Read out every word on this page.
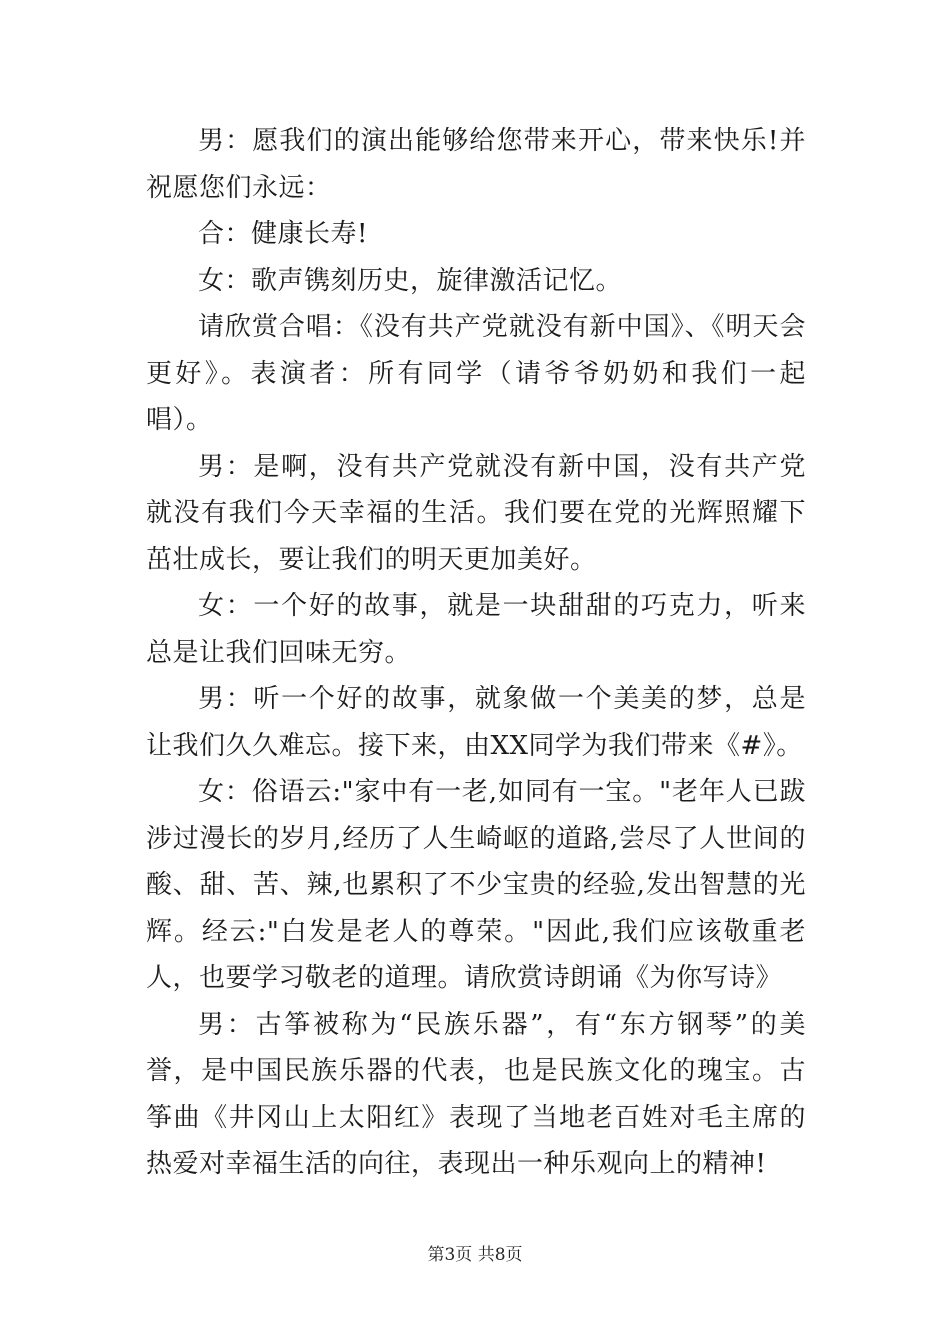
男：愿我们的演出能够给您带来开心，带来快乐!并祝愿您们永远：

合：健康长寿!

女：歌声镌刻历史，旋律激活记忆。

请欣赏合唱：《没有共产党就没有新中国》、《明天会更好》。表演者：所有同学（请爷爷奶奶和我们一起唱）。

男：是啊，没有共产党就没有新中国，没有共产党就没有我们今天幸福的生活。我们要在党的光辉照耀下茁壮成长，要让我们的明天更加美好。

女：一个好的故事，就是一块甜甜的巧克力，听来总是让我们回味无穷。

男：听一个好的故事，就象做一个美美的梦，总是让我们久久难忘。接下来，由XX同学为我们带来《#》。

女：俗语云:"家中有一老,如同有一宝。"老年人已跋涉过漫长的岁月,经历了人生崎岖的道路,尝尽了人世间的酸、甜、苦、辣,也累积了不少宝贵的经验,发出智慧的光辉。经云:"白发是老人的尊荣。"因此,我们应该敬重老人，也要学习敬老的道理。请欣赏诗朗诵《为你写诗》

男：古筝被称为“民族乐器”，有“东方钢琴”的美誉，是中国民族乐器的代表，也是民族文化的瑰宝。古筝曲《井冈山上太阳红》表现了当地老百姓对毛主席的热爱对幸福生活的向往，表现出一种乐观向上的精神!

第3页 共8页
